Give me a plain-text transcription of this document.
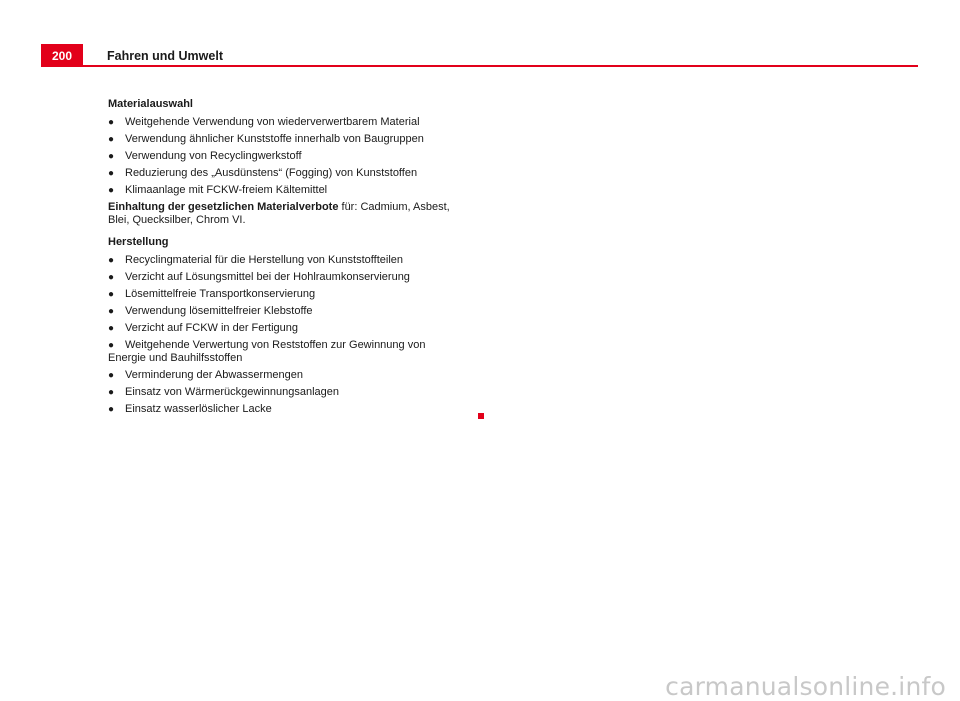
200	Fahren und Umwelt
Materialauswahl
● Weitgehende Verwendung von wiederverwertbarem Material
● Verwendung ähnlicher Kunststoffe innerhalb von Baugruppen
● Verwendung von Recyclingwerkstoff
● Reduzierung des „Ausdünstens“ (Fogging) von Kunststoffen
● Klimaanlage mit FCKW-freiem Kältemittel

Einhaltung der gesetzlichen Materialverbote für: Cadmium, Asbest, Blei, Quecksilber, Chrom VI.

Herstellung
● Recyclingmaterial für die Herstellung von Kunststoffteilen
● Verzicht auf Lösungsmittel bei der Hohlraumkonservierung
● Lösemittelfreie Transportkonservierung
● Verwendung lösemittelfreier Klebstoffe
● Verzicht auf FCKW in der Fertigung
● Weitgehende Verwertung von Reststoffen zur Gewinnung von Energie und Bauhilfsstoffen
● Verminderung der Abwassermengen
● Einsatz von Wärmerückgewinnungsanlagen
● Einsatz wasserlöslicher Lacke
carmanualsonline.info
